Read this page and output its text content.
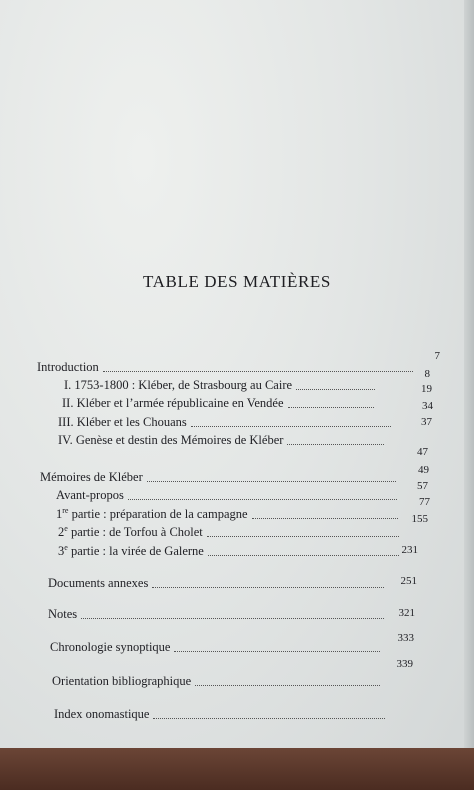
TABLE DES MATIÈRES
Introduction
7
I. 1753-1800 : Kléber, de Strasbourg au Caire
8
II. Kléber et l’armée républicaine en Vendée
19
III. Kléber et les Chouans
34
IV. Genèse et destin des Mémoires de Kléber
37
Mémoires de Kléber
47
Avant-propos
49
1re partie : préparation de la campagne
57
2e partie : de Torfou à Cholet
77
3e partie : la virée de Galerne
155
Documents annexes
231
Notes
251
Chronologie synoptique
321
Orientation bibliographique
333
Index onomastique
339
